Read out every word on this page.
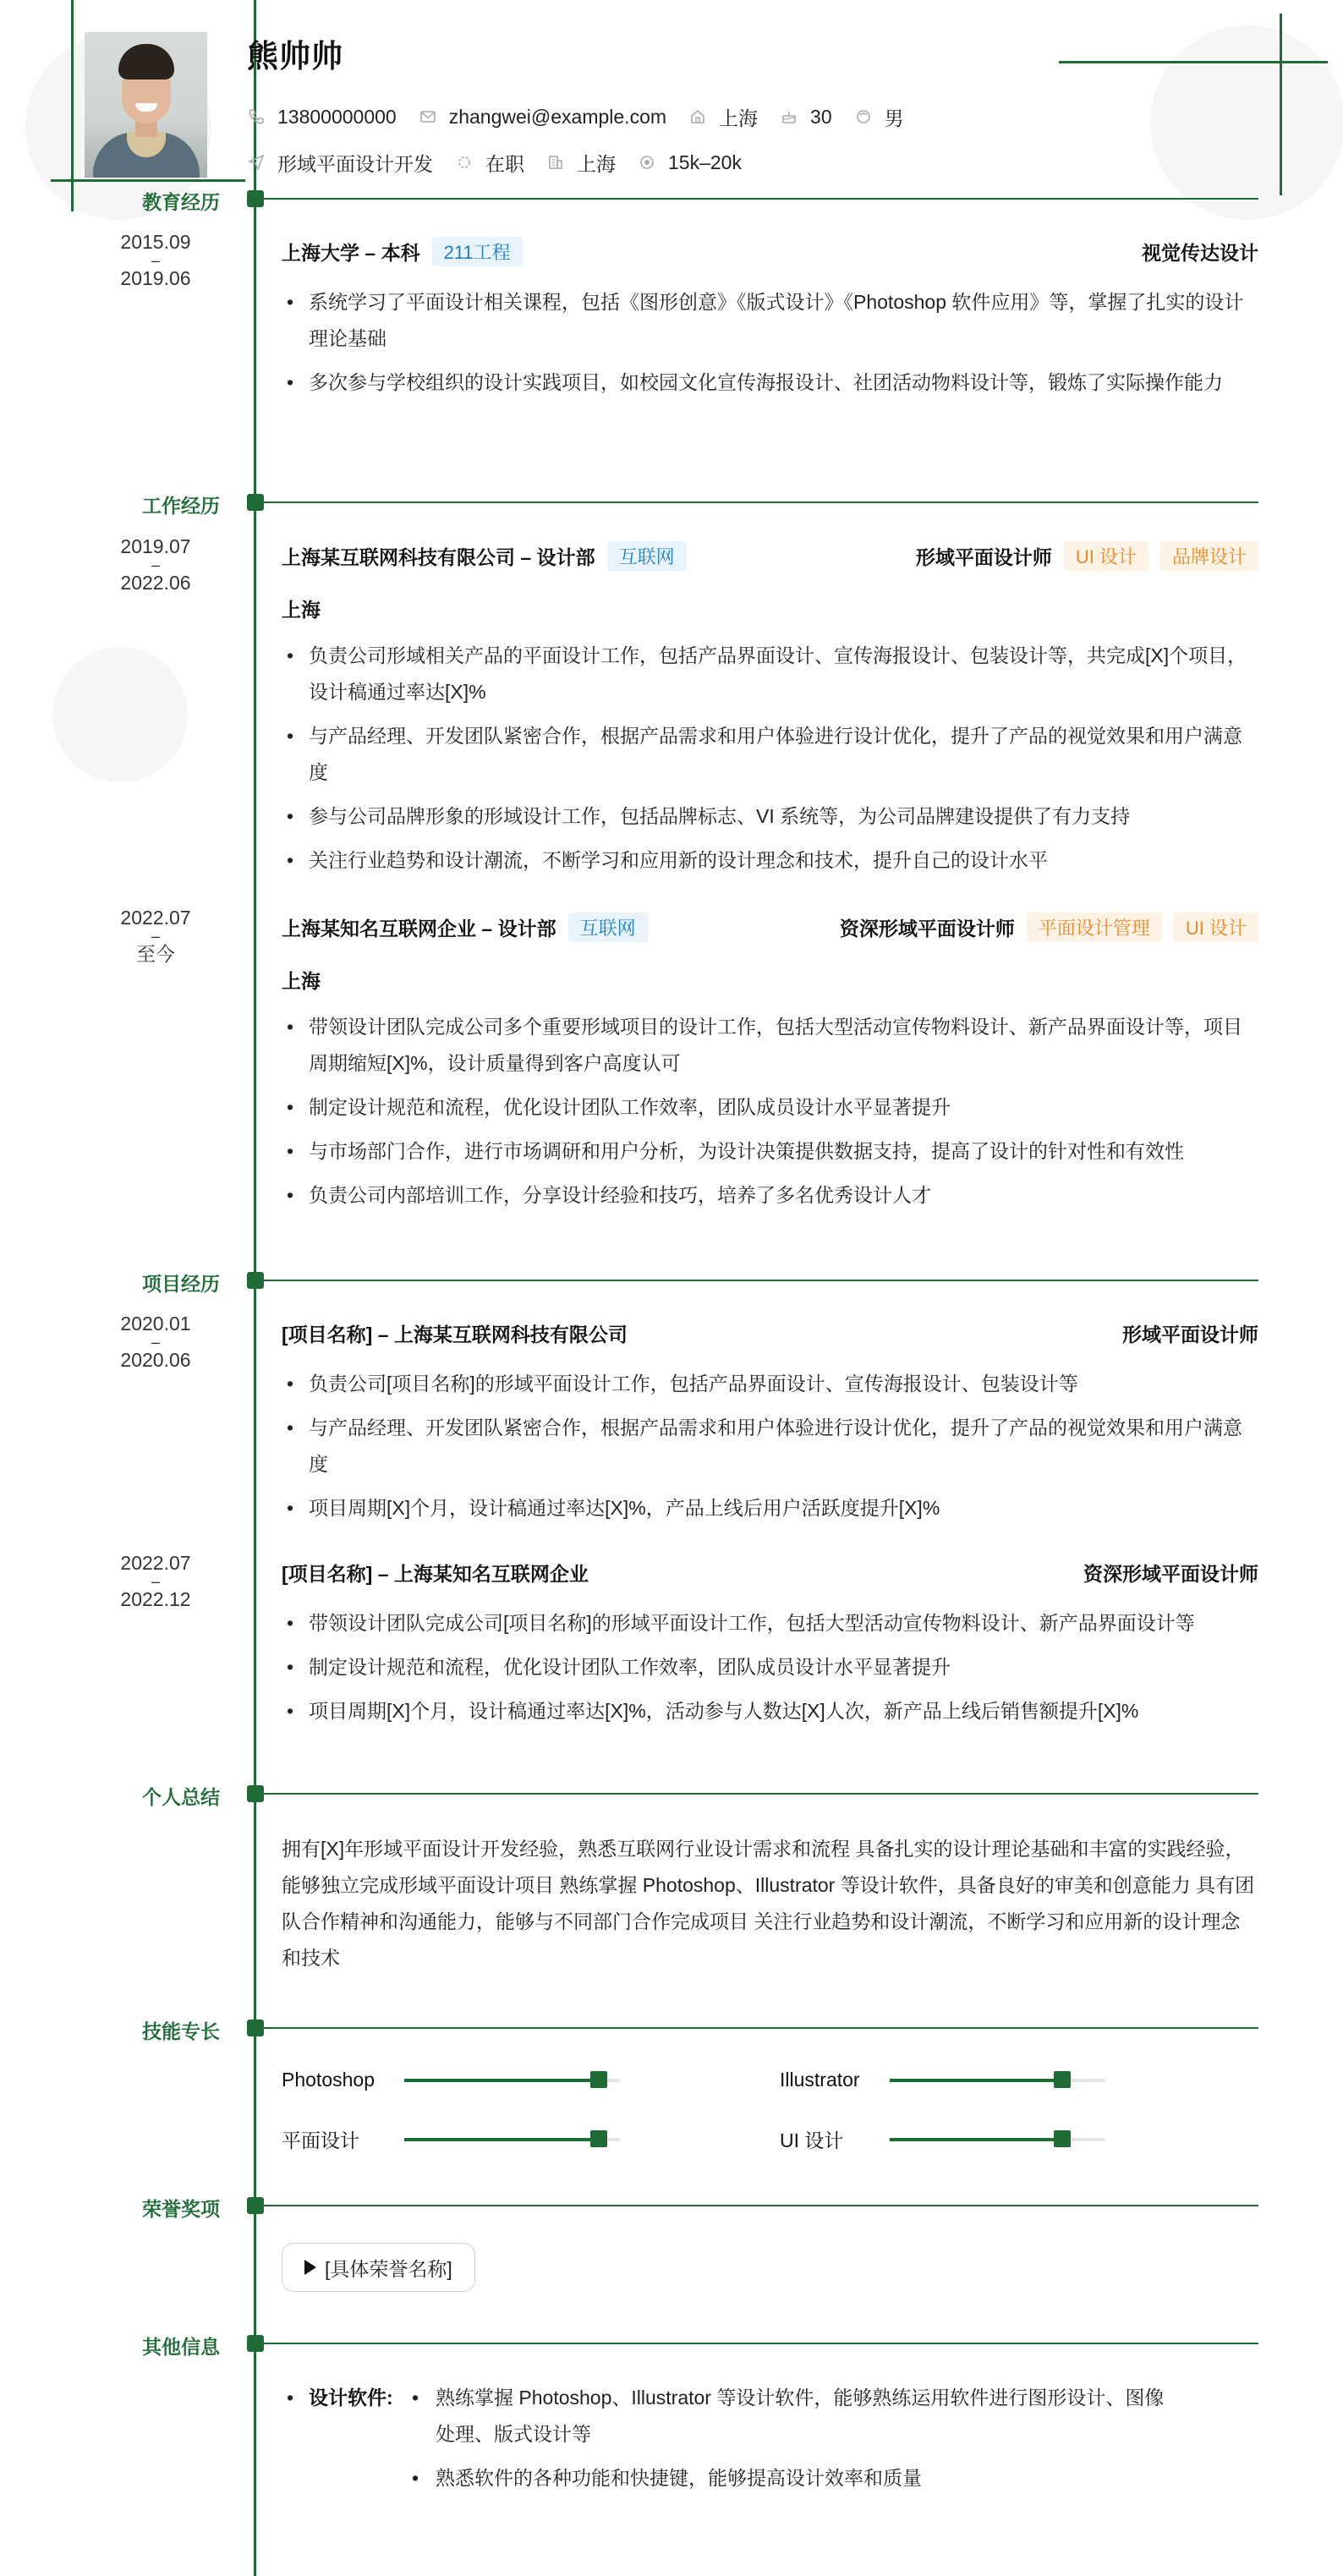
熊帅帅
13800000000	zhangwei@example.com	上海	30	男
形域平面设计开发	在职	上海	15k–20k
教育经历
2015.09
–
2019.06
上海大学 – 本科	211工程	视觉传达设计
• 系统学习了平面设计相关课程，包括《图形创意》《版式设计》《Photoshop 软件应用》等，掌握了扎实的设计理论基础
• 多次参与学校组织的设计实践项目，如校园文化宣传海报设计、社团活动物料设计等，锻炼了实际操作能力
工作经历
2019.07
–
2022.06
上海某互联网科技有限公司 – 设计部	互联网	形域平面设计师	UI 设计	品牌设计
上海
• 负责公司形域相关产品的平面设计工作，包括产品界面设计、宣传海报设计、包装设计等，共完成[X]个项目，设计稿通过率达[X]%
• 与产品经理、开发团队紧密合作，根据产品需求和用户体验进行设计优化，提升了产品的视觉效果和用户满意度
• 参与公司品牌形象的形域设计工作，包括品牌标志、VI 系统等，为公司品牌建设提供了有力支持
• 关注行业趋势和设计潮流，不断学习和应用新的设计理念和技术，提升自己的设计水平
2022.07
–
至今
上海某知名互联网企业 – 设计部	互联网	资深形域平面设计师	平面设计管理	UI 设计
上海
• 带领设计团队完成公司多个重要形域项目的设计工作，包括大型活动宣传物料设计、新产品界面设计等，项目周期缩短[X]%，设计质量得到客户高度认可
• 制定设计规范和流程，优化设计团队工作效率，团队成员设计水平显著提升
• 与市场部门合作，进行市场调研和用户分析，为设计决策提供数据支持，提高了设计的针对性和有效性
• 负责公司内部培训工作，分享设计经验和技巧，培养了多名优秀设计人才
项目经历
2020.01
–
2020.06
[项目名称] – 上海某互联网科技有限公司	形域平面设计师
• 负责公司[项目名称]的形域平面设计工作，包括产品界面设计、宣传海报设计、包装设计等
• 与产品经理、开发团队紧密合作，根据产品需求和用户体验进行设计优化，提升了产品的视觉效果和用户满意度
• 项目周期[X]个月，设计稿通过率达[X]%，产品上线后用户活跃度提升[X]%
2022.07
–
2022.12
[项目名称] – 上海某知名互联网企业	资深形域平面设计师
• 带领设计团队完成公司[项目名称]的形域平面设计工作，包括大型活动宣传物料设计、新产品界面设计等
• 制定设计规范和流程，优化设计团队工作效率，团队成员设计水平显著提升
• 项目周期[X]个月，设计稿通过率达[X]%，活动参与人数达[X]人次，新产品上线后销售额提升[X]%
个人总结
拥有[X]年形域平面设计开发经验，熟悉互联网行业设计需求和流程 具备扎实的设计理论基础和丰富的实践经验，能够独立完成形域平面设计项目 熟练掌握 Photoshop、Illustrator 等设计软件，具备良好的审美和创意能力 具有团队合作精神和沟通能力，能够与不同部门合作完成项目 关注行业趋势和设计潮流，不断学习和应用新的设计理念和技术
技能专长
Photoshop	Illustrator
平面设计	UI 设计
荣誉奖项
[具体荣誉名称]
其他信息
• 设计软件:
•	熟练掌握 Photoshop、Illustrator 等设计软件，能够熟练运用软件进行图形设计、图像处理、版式设计等
• 熟悉软件的各种功能和快捷键，能够提高设计效率和质量
